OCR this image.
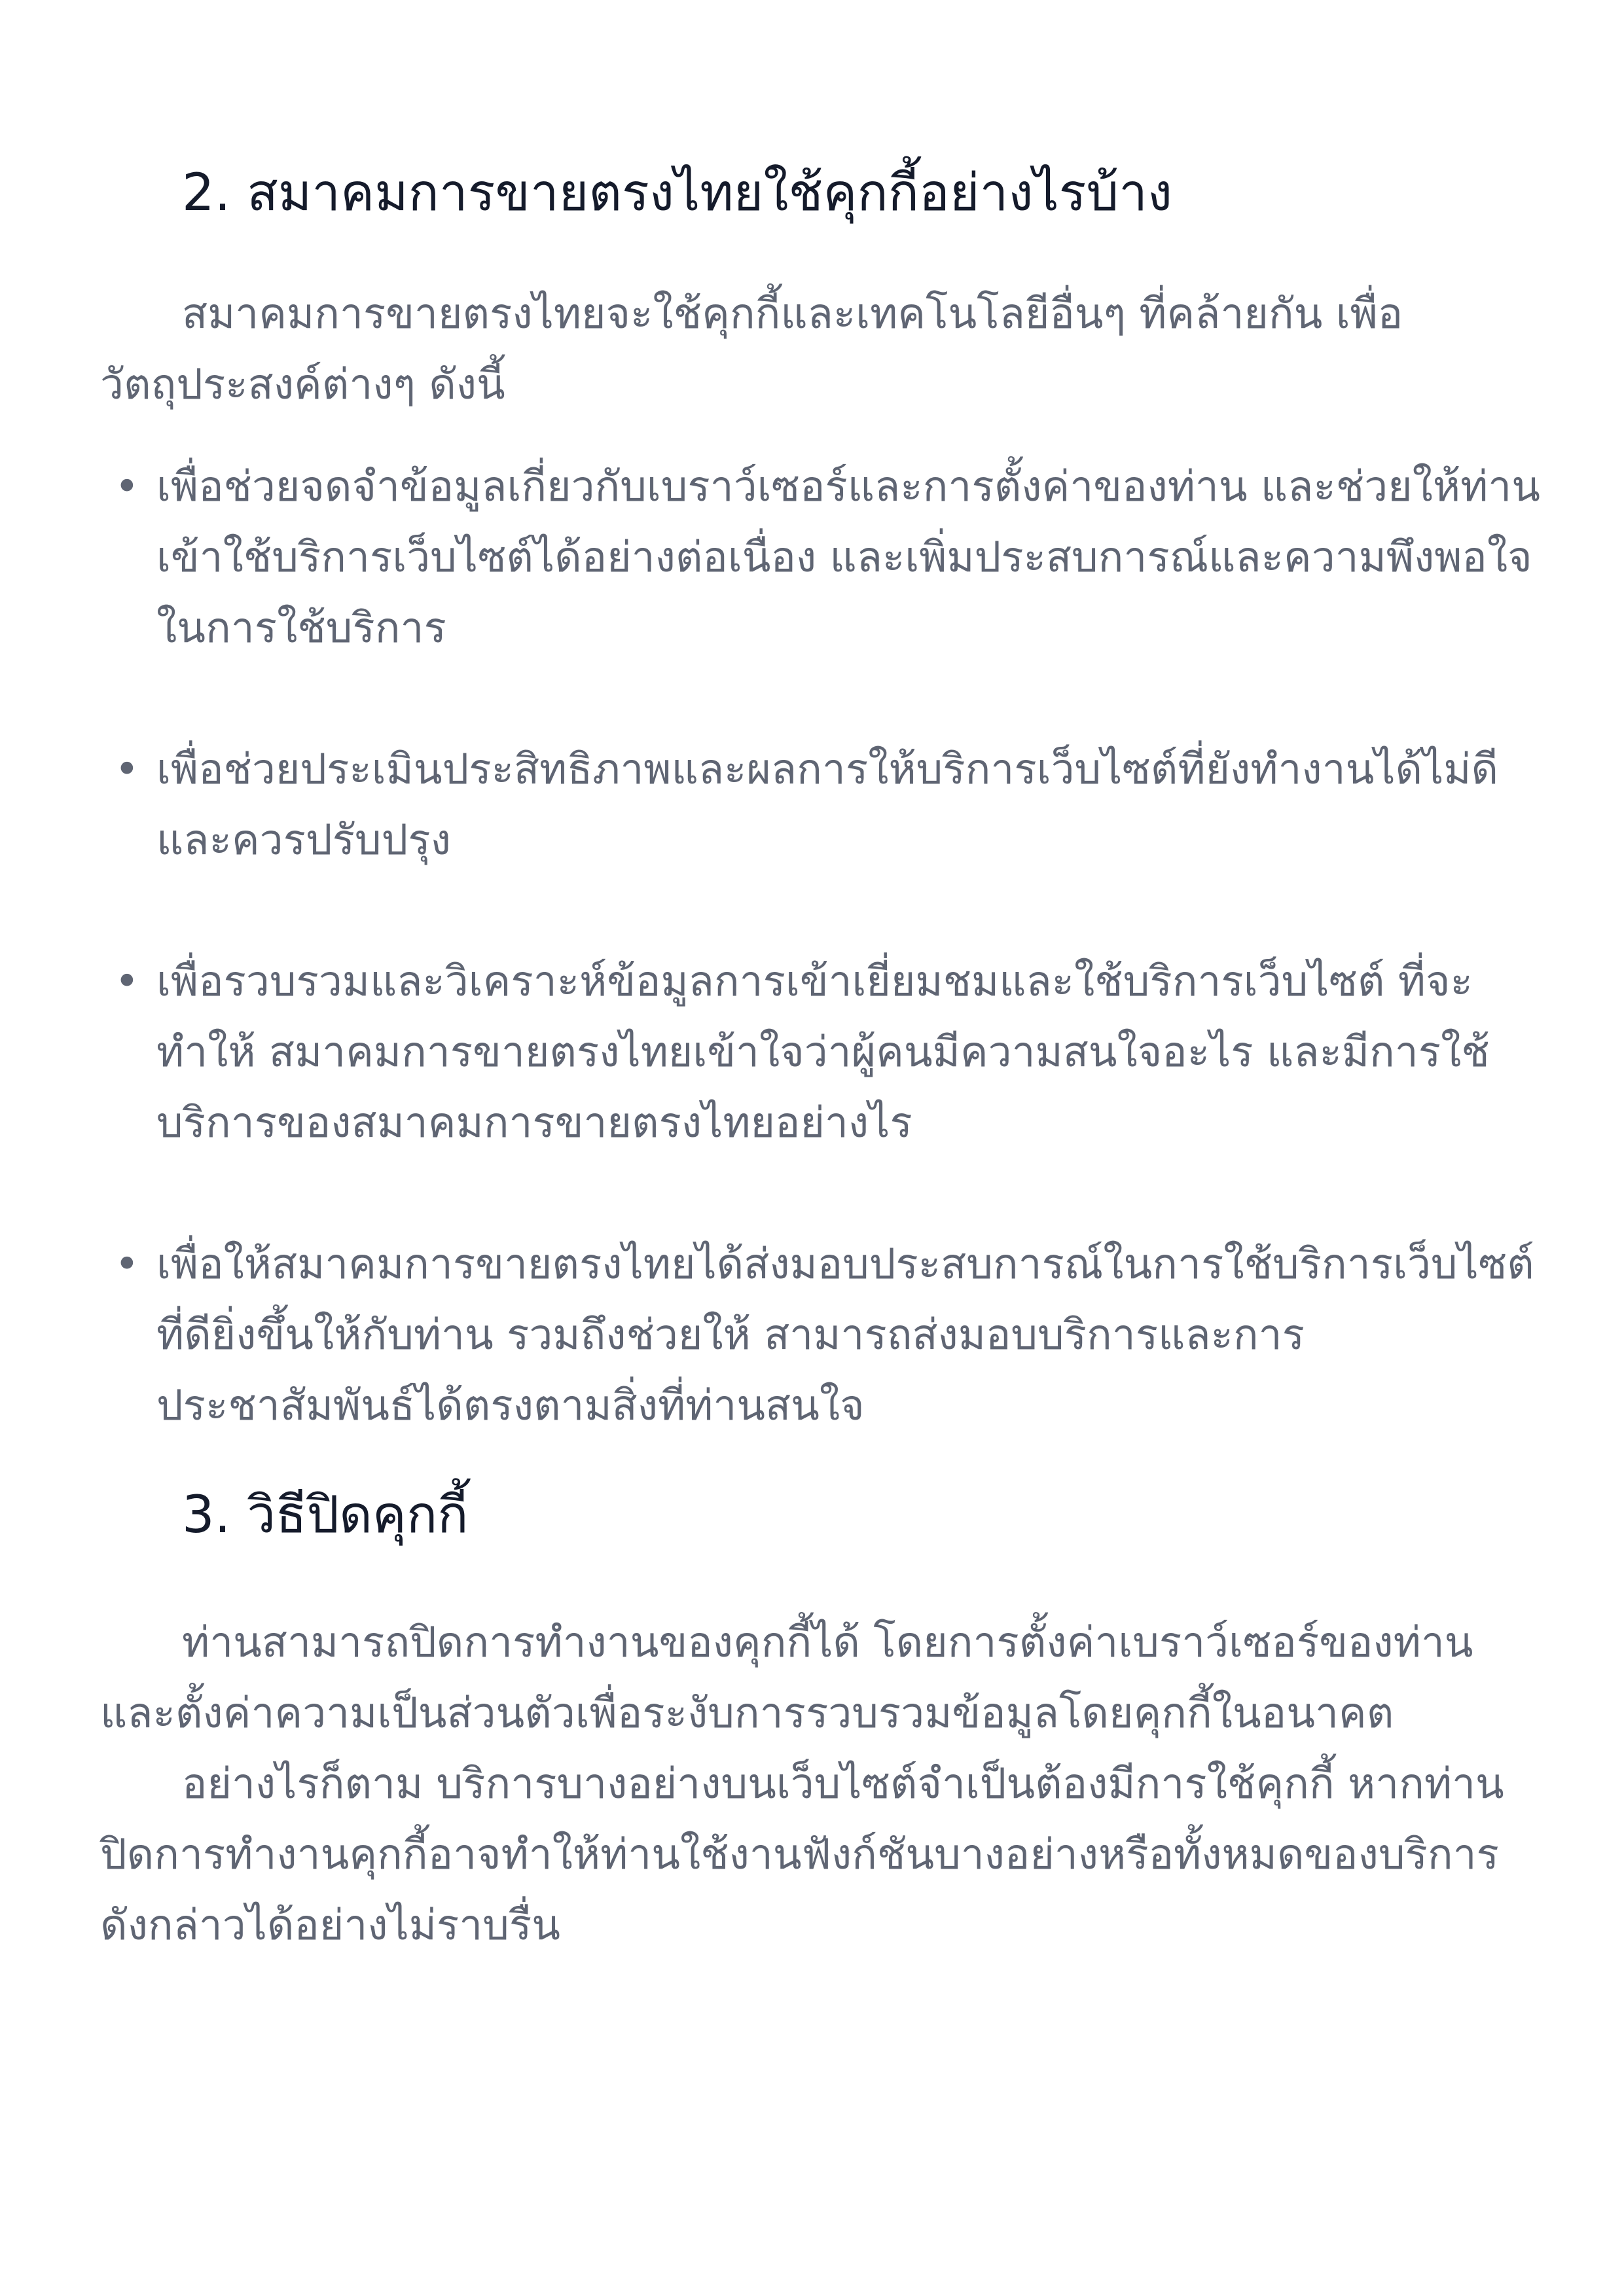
2. สมาคมการขายตรงไทยใช้คุกกี้อย่างไรบ้าง

สมาคมการขายตรงไทยจะใช้คุกกี้และเทคโนโลยีอื่นๆ ที่คล้ายกัน เพื่อวัตถุประสงค์ต่างๆ ดังนี้

• เพื่อช่วยจดจำข้อมูลเกี่ยวกับเบราว์เซอร์และการตั้งค่าของท่าน และช่วยให้ท่านเข้าใช้บริการเว็บไซต์ได้อย่างต่อเนื่อง และเพิ่มประสบการณ์และความพึงพอใจในการใช้บริการ
• เพื่อช่วยประเมินประสิทธิภาพและผลการให้บริการเว็บไซต์ที่ยังทำงานได้ไม่ดีและควรปรับปรุง
• เพื่อรวบรวมและวิเคราะห์ข้อมูลการเข้าเยี่ยมชมและใช้บริการเว็บไซต์ ที่จะทำให้ สมาคมการขายตรงไทยเข้าใจว่าผู้คนมีความสนใจอะไร และมีการใช้บริการของสมาคมการขายตรงไทยอย่างไร
• เพื่อให้สมาคมการขายตรงไทยได้ส่งมอบประสบการณ์ในการใช้บริการเว็บไซต์ที่ดียิ่งขึ้นให้กับท่าน รวมถึงช่วยให้ สามารถส่งมอบบริการและการประชาสัมพันธ์ได้ตรงตามสิ่งที่ท่านสนใจ
3. วิธีปิดคุกกี้

ท่านสามารถปิดการทำงานของคุกกี้ได้ โดยการตั้งค่าเบราว์เซอร์ของท่านและตั้งค่าความเป็นส่วนตัวเพื่อระงับการรวบรวมข้อมูลโดยคุกกี้ในอนาคต

อย่างไรก็ตาม บริการบางอย่างบนเว็บไซต์จำเป็นต้องมีการใช้คุกกี้ หากท่านปิดการทำงานคุกกี้อาจทำให้ท่านใช้งานฟังก์ชันบางอย่างหรือทั้งหมดของบริการดังกล่าวได้อย่างไม่ราบรื่น
